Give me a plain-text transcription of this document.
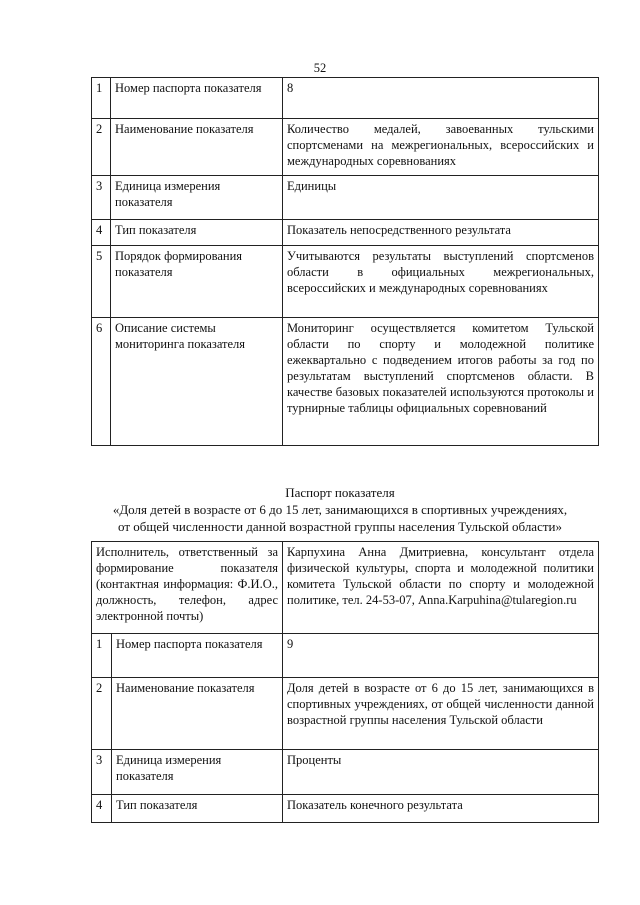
52
1	Номер паспорта показателя	8
2	Наименование показателя	Количество медалей, завоеванных тульскими спортсменами на межрегиональных, всероссийских и международных соревнованиях
3	Единица измерения показателя	Единицы
4	Тип показателя	Показатель непосредственного результата
5	Порядок формирования показателя	Учитываются результаты выступлений спортсменов области в официальных межрегиональных, всероссийских и международных соревнованиях
6	Описание системы мониторинга показателя	Мониторинг осуществляется комитетом Тульской области по спорту и молодежной политике ежеквартально с подведением итогов работы за год по результатам выступлений спортсменов области. В качестве базовых показателей используются протоколы и турнирные таблицы официальных соревнований
Паспорт показателя
«Доля детей в возрасте от 6 до 15 лет, занимающихся в спортивных учреждениях,
от общей численности данной возрастной группы населения Тульской области»
Исполнитель, ответственный за формирование показателя (контактная информация: Ф.И.О., должность, телефон, адрес электронной почты)		Карпухина Анна Дмитриевна, консультант отдела физической культуры, спорта и молодежной политики комитета Тульской области по спорту и молодежной политике, тел. 24-53-07, Anna.Karpuhina@tularegion.ru
1	Номер паспорта показателя	9
2	Наименование показателя	Доля детей в возрасте от 6 до 15 лет, занимающихся в спортивных учреждениях, от общей численности данной возрастной группы населения Тульской области
3	Единица измерения показателя	Проценты
4	Тип показателя	Показатель конечного результата
